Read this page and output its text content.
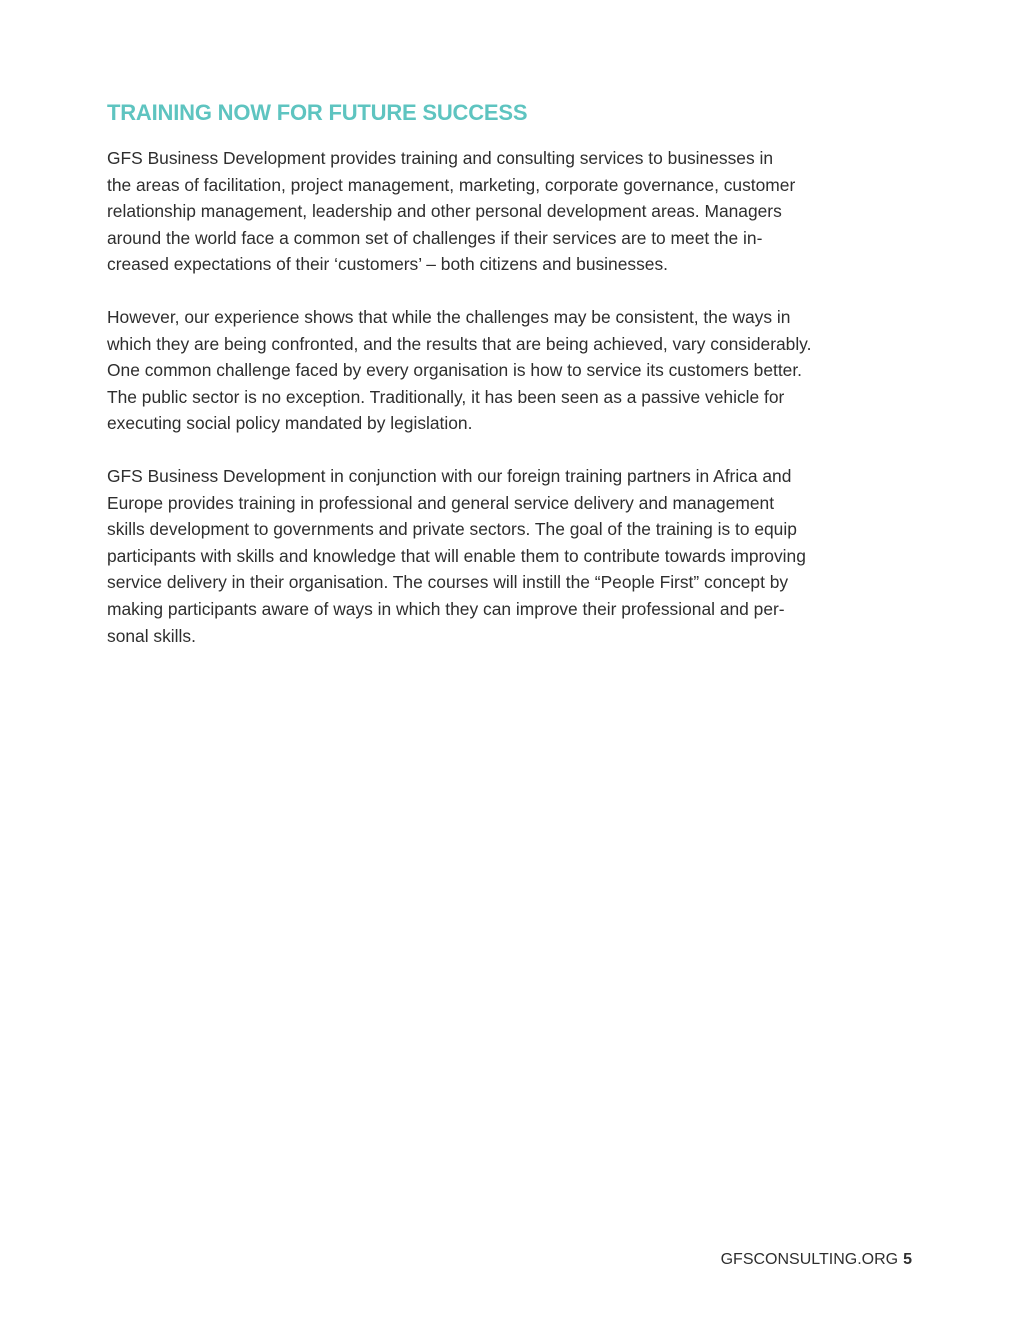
TRAINING NOW FOR FUTURE SUCCESS

GFS Business Development provides training and consulting services to businesses in
the areas of facilitation, project management, marketing, corporate governance, customer
relationship management, leadership and other personal development areas. Managers
around the world face a common set of challenges if their services are to meet the in-
creased expectations of their ‘customers’ – both citizens and businesses.

However, our experience shows that while the challenges may be consistent, the ways in
which they are being confronted, and the results that are being achieved, vary considerably.
One common challenge faced by every organisation is how to service its customers better.
The public sector is no exception. Traditionally, it has been seen as a passive vehicle for
executing social policy mandated by legislation.

GFS Business Development in conjunction with our foreign training partners in Africa and
Europe provides training in professional and general service delivery and management
skills development to governments and private sectors. The goal of the training is to equip
participants with skills and knowledge that will enable them to contribute towards improving
service delivery in their organisation. The courses will instill the “People First” concept by
making participants aware of ways in which they can improve their professional and per-
sonal skills.

GFSCONSULTING.ORG 5
